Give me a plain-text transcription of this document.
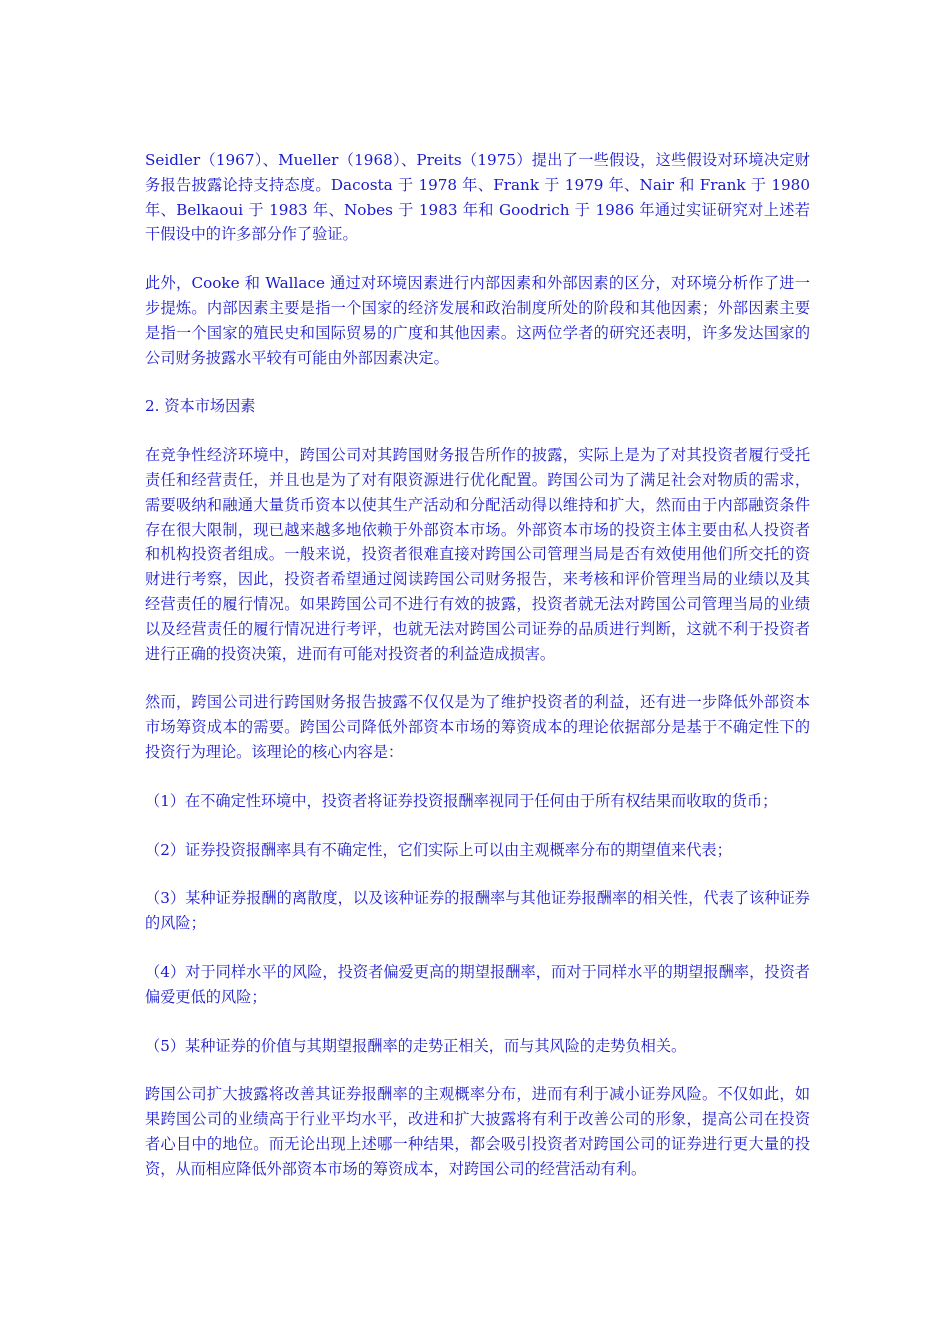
Seidler（1967）、Mueller（1968）、Preits（1975）提出了一些假设，这些假设对环境决定财务报告披露论持支持态度。Dacosta 于 1978 年、Frank 于 1979 年、Nair 和 Frank 于 1980 年、Belkaoui 于 1983 年、Nobes 于 1983 年和 Goodrich 于 1986 年通过实证研究对上述若干假设中的许多部分作了验证。

此外，Cooke 和 Wallace 通过对环境因素进行内部因素和外部因素的区分，对环境分析作了进一步提炼。内部因素主要是指一个国家的经济发展和政治制度所处的阶段和其他因素；外部因素主要是指一个国家的殖民史和国际贸易的广度和其他因素。这两位学者的研究还表明，许多发达国家的公司财务披露水平较有可能由外部因素决定。

2. 资本市场因素

在竞争性经济环境中，跨国公司对其跨国财务报告所作的披露，实际上是为了对其投资者履行受托责任和经营责任，并且也是为了对有限资源进行优化配置。跨国公司为了满足社会对物质的需求，需要吸纳和融通大量货币资本以使其生产活动和分配活动得以维持和扩大，然而由于内部融资条件存在很大限制，现已越来越多地依赖于外部资本市场。外部资本市场的投资主体主要由私人投资者和机构投资者组成。一般来说，投资者很难直接对跨国公司管理当局是否有效使用他们所交托的资财进行考察，因此，投资者希望通过阅读跨国公司财务报告，来考核和评价管理当局的业绩以及其经营责任的履行情况。如果跨国公司不进行有效的披露，投资者就无法对跨国公司管理当局的业绩以及经营责任的履行情况进行考评，也就无法对跨国公司证券的品质进行判断，这就不利于投资者进行正确的投资决策，进而有可能对投资者的利益造成损害。

然而，跨国公司进行跨国财务报告披露不仅仅是为了维护投资者的利益，还有进一步降低外部资本市场筹资成本的需要。跨国公司降低外部资本市场的筹资成本的理论依据部分是基于不确定性下的投资行为理论。该理论的核心内容是：

（1）在不确定性环境中，投资者将证券投资报酬率视同于任何由于所有权结果而收取的货币；

（2）证券投资报酬率具有不确定性，它们实际上可以由主观概率分布的期望值来代表；

（3）某种证券报酬的离散度，以及该种证券的报酬率与其他证券报酬率的相关性，代表了该种证券的风险；

（4）对于同样水平的风险，投资者偏爱更高的期望报酬率，而对于同样水平的期望报酬率，投资者偏爱更低的风险；

（5）某种证券的价值与其期望报酬率的走势正相关，而与其风险的走势负相关。

跨国公司扩大披露将改善其证券报酬率的主观概率分布，进而有利于减小证券风险。不仅如此，如果跨国公司的业绩高于行业平均水平，改进和扩大披露将有利于改善公司的形象，提高公司在投资者心目中的地位。而无论出现上述哪一种结果，都会吸引投资者对跨国公司的证券进行更大量的投资，从而相应降低外部资本市场的筹资成本，对跨国公司的经营活动有利。
